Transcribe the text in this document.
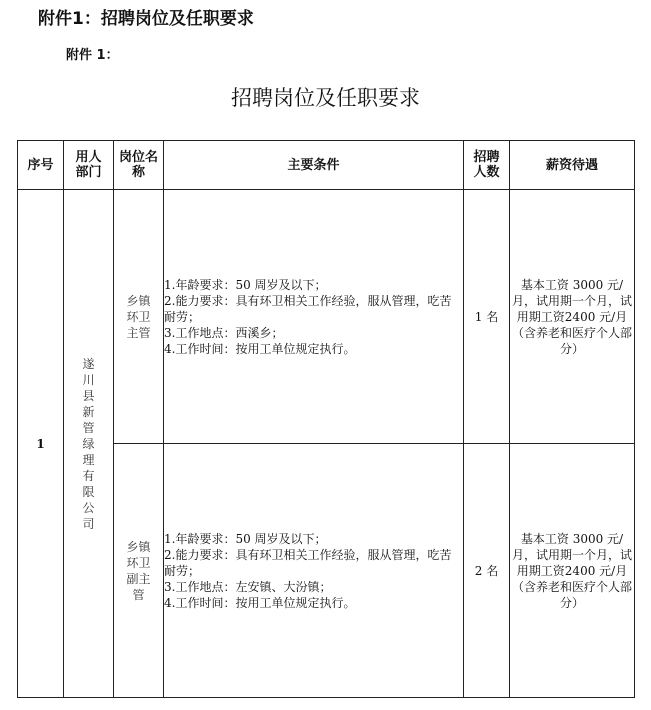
附件1：招聘岗位及任职要求
附件 1：
招聘岗位及任职要求
序号	用人部门	岗位名称	主要条件	招聘人数	薪资待遇
1	遂川县新管绿理有限公司	乡镇环卫主管	1.年龄要求：50 周岁及以下；
2.能力要求：具有环卫相关工作经验，服从管理，吃苦耐劳；
3.工作地点：西溪乡；
4.工作时间：按用工单位规定执行。	1 名	基本工资 3000 元/月，试用期一个月，试用期工资2400 元/月（含养老和医疗个人部分）

		乡镇环卫副主管	1.年龄要求：50 周岁及以下；
2.能力要求：具有环卫相关工作经验，服从管理，吃苦耐劳；
3.工作地点：左安镇、大汾镇；
4.工作时间：按用工单位规定执行。	2 名	基本工资 3000 元/月，试用期一个月，试用期工资2400 元/月（含养老和医疗个人部分）
